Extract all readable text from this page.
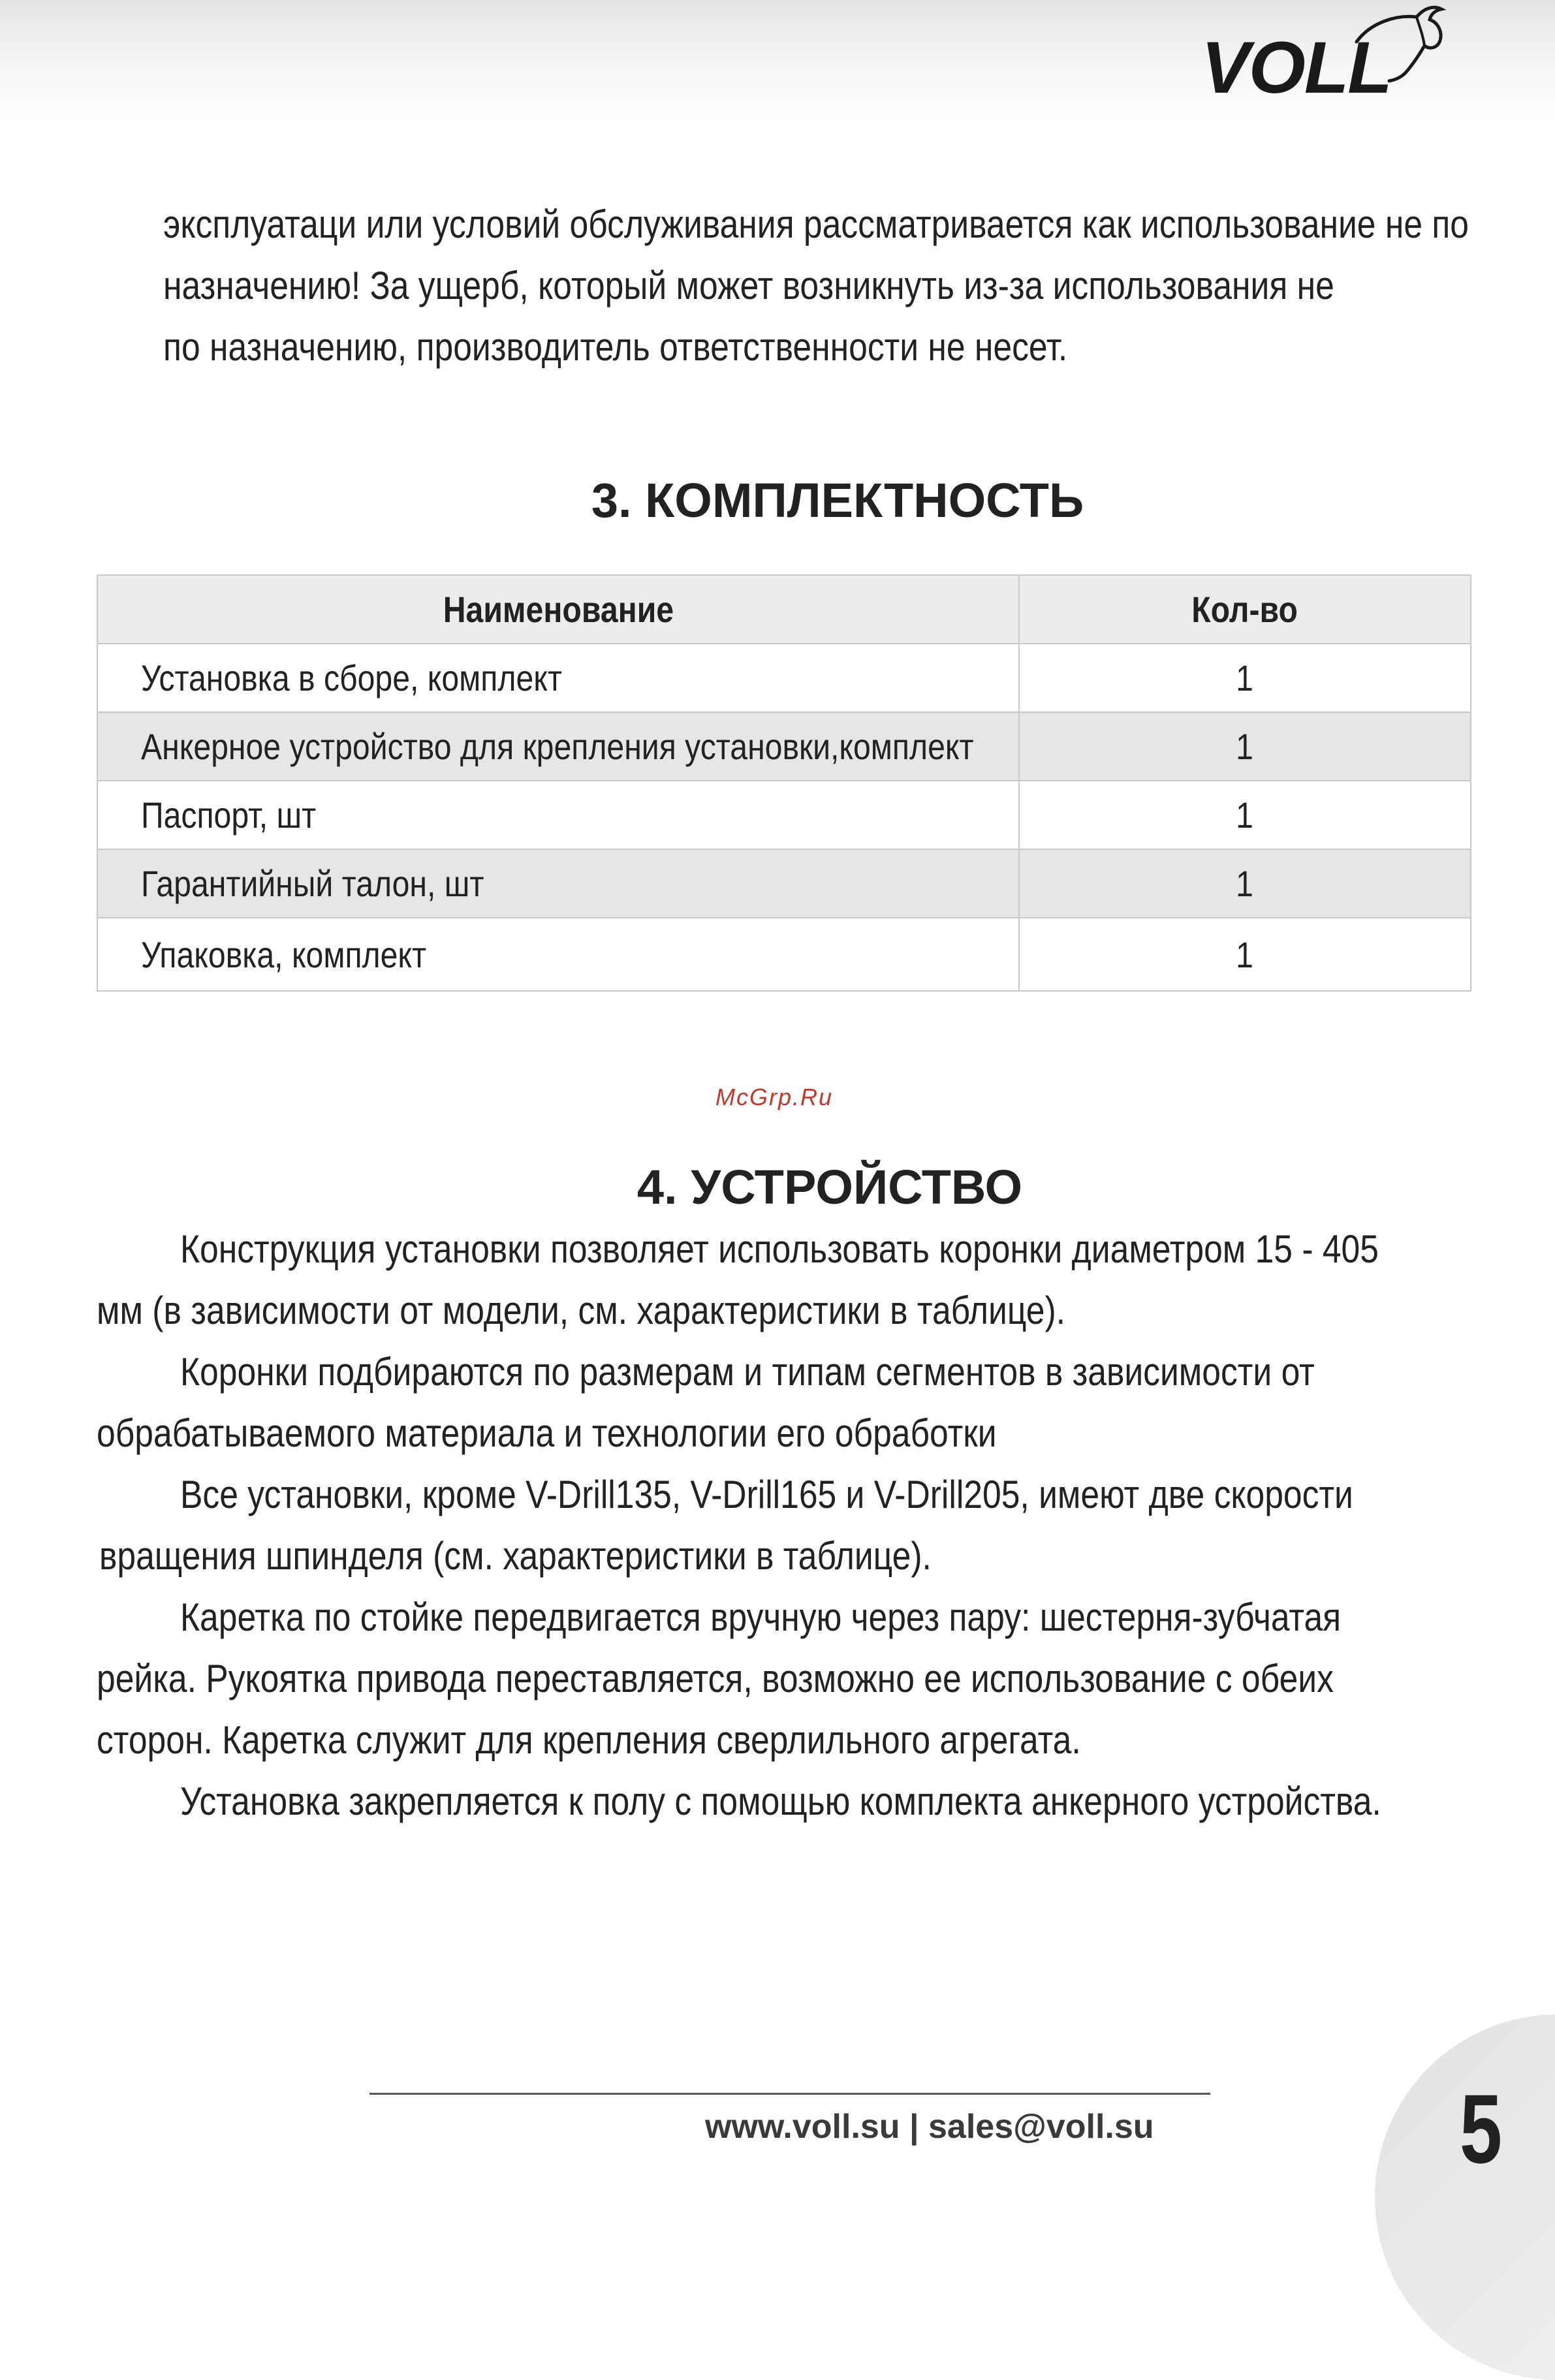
VOLL

эксплуатаци или условий обслуживания рассматривается как использование не по

назначению! За ущерб, который может возникнуть из-за использования не

по назначению, производитель ответственности не несет.

3. КОМПЛЕКТНОСТЬ
Наименование	Кол-во
Установка в сборе, комплект	1
Анкерное устройство для крепления установки,комплект	1
Паспорт, шт	1
Гарантийный талон, шт	1
Упаковка, комплект	1
McGrp.Ru
4. УСТРОЙСТВО

Конструкция установки позволяет использовать коронки диаметром 15 - 405

мм (в зависимости от модели, см. характеристики в таблице).

Коронки подбираются по размерам и типам сегментов в зависимости от

обрабатываемого материала и технологии его обработки

Все установки, кроме V-Drill135, V-Drill165 и V-Drill205, имеют две скорости

вращения шпинделя (см. характеристики в таблице).

Каретка по стойке передвигается вручную через пару: шестерня-зубчатая

рейка. Рукоятка привода переставляется, возможно ее использование с обеих

сторон. Каретка служит для крепления сверлильного агрегата.

Установка закрепляется к полу с помощью комплекта анкерного устройства.

www.voll.su | sales@voll.su	5
